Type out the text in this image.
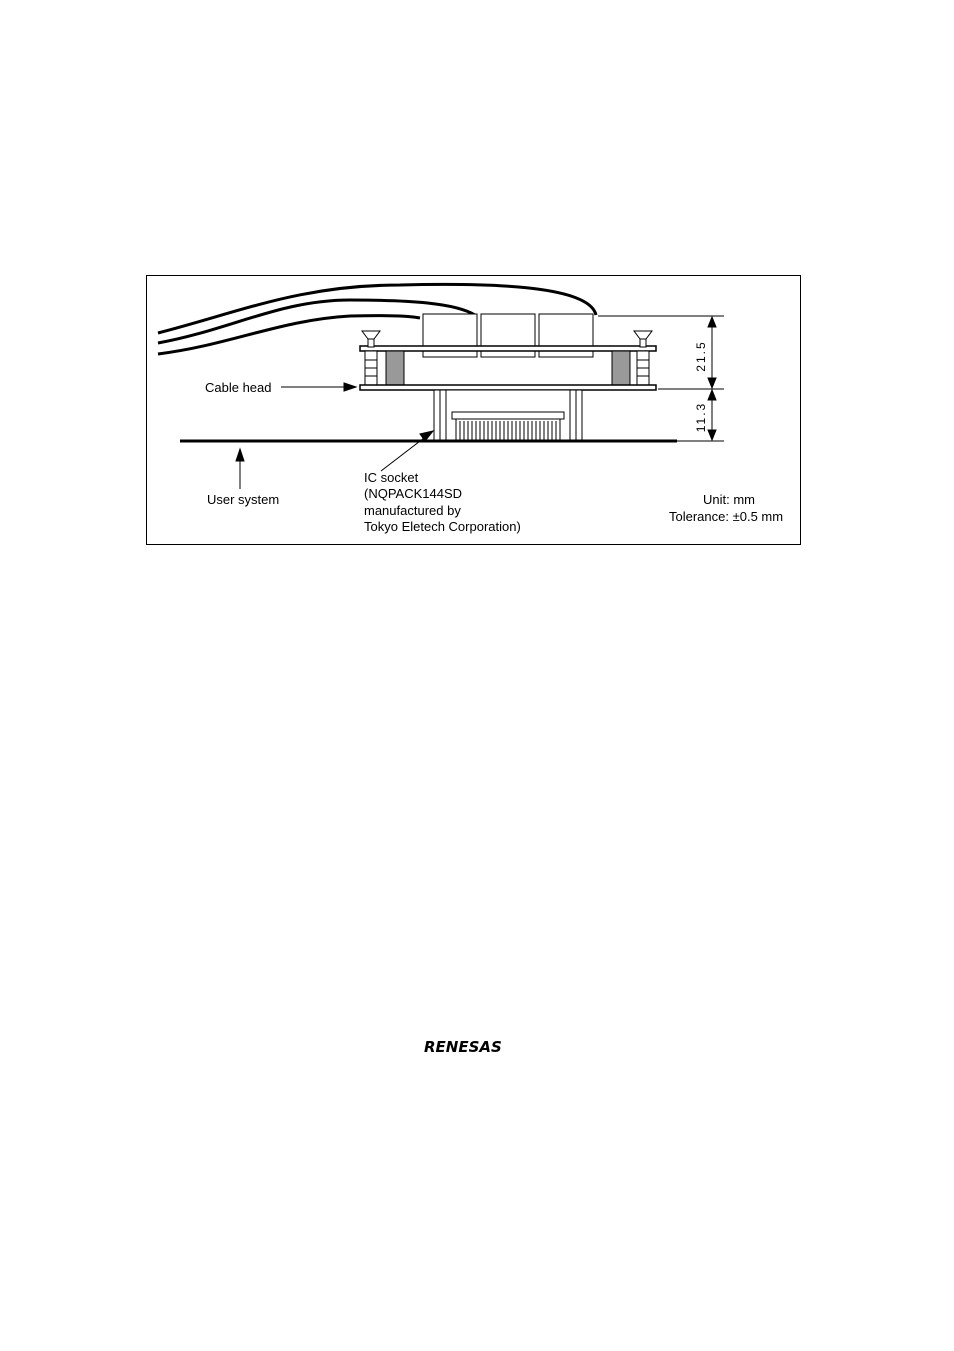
Cable head
User system
IC socket
(NQPACK144SD
manufactured by
Tokyo Eletech Corporation)
Unit: mm
Tolerance: ±0.5 mm
21.5
11.3
RENESAS
